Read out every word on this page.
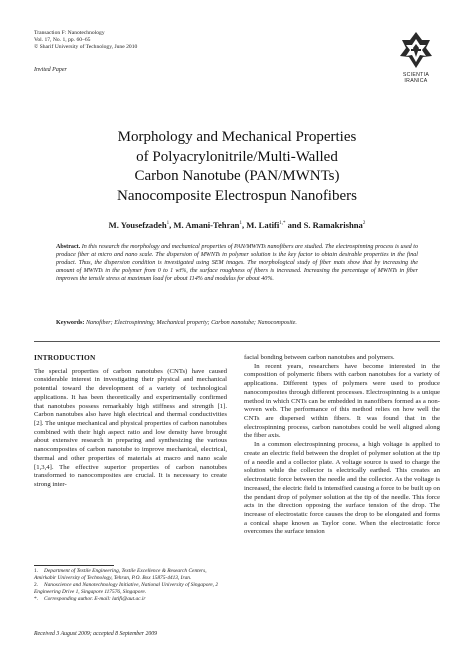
Transaction F: Nanotechnology
Vol. 17, No. 1, pp. 60–65
© Sharif University of Technology, June 2010
Invited Paper
SCIENTIA
IRANICA
Morphology and Mechanical Properties
of Polyacrylonitrile/Multi-Walled
Carbon Nanotube (PAN/MWNTs)
Nanocomposite Electrospun Nanofibers
M. Yousefzadeh$^1$, M. Amani-Tehran$^1$, M. Latifi$^{1,*}$ and S. Ramakrishna$^2$
Abstract. In this research the morphology and mechanical properties of PAN/MWNTs nanofibers are studied. The electrospinning process is used to produce fiber at micro and nano scale. The dispersion of MWNTs in polymer solution is the key factor to obtain desirable properties in the final product. Thus, the dispersion condition is investigated using SEM images. The morphological study of fiber mats show that by increasing the amount of MWNTs in the polymer from 0 to 1 wt%, the surface roughness of fibers is increased. Increasing the percentage of MWNTs in fiber improves the tensile stress at maximum load for about 114% and modulus for about 40%.
Keywords: Nanofiber; Electrospinning; Mechanical property; Carbon nanotube; Nanocomposite.
INTRODUCTION

The special properties of carbon nanotubes (CNTs) have caused considerable interest in investigating their physical and mechanical potential toward the development of a variety of technological applications. It has been theoretically and experimentally confirmed that nanotubes possess remarkably high stiffness and strength [1]. Carbon nanotubes also have high electrical and thermal conductivities [2]. The unique mechanical and physical properties of carbon nanotubes combined with their high aspect ratio and low density have brought about extensive research in preparing and synthesizing the various nanocomposites of carbon nanotube to improve mechanical, electrical, thermal and other properties of materials at macro and nano scale [1,3,4]. The effective superior properties of carbon nanotubes transformed to nanocomposites are crucial. It is necessary to create strong inter-

facial bonding between carbon nanotubes and polymers.

In recent years, researchers have become interested in the composition of polymeric fibers with carbon nanotubes for a variety of applications. Different types of polymers were used to produce nanocomposites through different processes. Electrospinning is a unique method in which CNTs can be embedded in nanofibers formed as a non-woven web. The performance of this method relies on how well the CNTs are dispersed within fibers. It was found that in the electrospinning process, carbon nanotubes could be well aligned along the fiber axis.

In a common electrospinning process, a high voltage is applied to create an electric field between the droplet of polymer solution at the tip of a needle and a collector plate. A voltage source is used to charge the solution while the collector is electrically earthed. This creates an electrostatic force between the needle and the collector. As the voltage is increased, the electric field is intensified causing a force to be built up on the pendant drop of polymer solution at the tip of the needle. This force acts in the direction opposing the surface tension of the drop. The increase of electrostatic force causes the drop to be elongated and forms a conical shape known as Taylor cone. When the electrostatic force overcomes the surface tension

1. Department of Textile Engineering, Textile Excellence & Research Centers, Amirkabir University of Technology, Tehran, P.O. Box 15875-4413, Iran.

2. Nanoscience and Nanotechnology Initiative, National University of Singapore, 2 Engineering Drive 1, Singapore 117576, Singapore.

*. Corresponding author. E-mail: latifi@aut.ac.ir

Received 3 August 2009; accepted 8 September 2009
